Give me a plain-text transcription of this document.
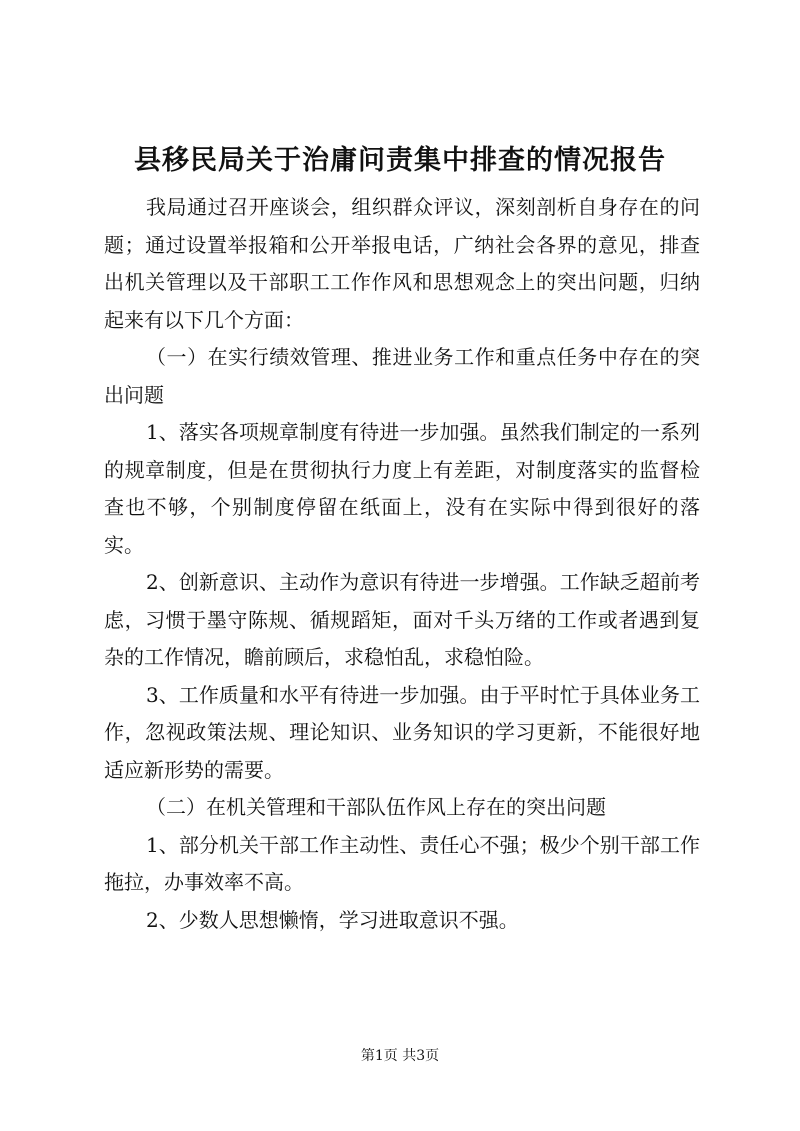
县移民局关于治庸问责集中排查的情况报告

我局通过召开座谈会，组织群众评议，深刻剖析自身存在的问题；通过设置举报箱和公开举报电话，广纳社会各界的意见，排查出机关管理以及干部职工工作作风和思想观念上的突出问题，归纳起来有以下几个方面：

（一）在实行绩效管理、推进业务工作和重点任务中存在的突出问题

1、落实各项规章制度有待进一步加强。虽然我们制定的一系列的规章制度，但是在贯彻执行力度上有差距，对制度落实的监督检查也不够，个别制度停留在纸面上，没有在实际中得到很好的落实。

2、创新意识、主动作为意识有待进一步增强。工作缺乏超前考虑，习惯于墨守陈规、循规蹈矩，面对千头万绪的工作或者遇到复杂的工作情况，瞻前顾后，求稳怕乱，求稳怕险。

3、工作质量和水平有待进一步加强。由于平时忙于具体业务工作，忽视政策法规、理论知识、业务知识的学习更新，不能很好地适应新形势的需要。

（二）在机关管理和干部队伍作风上存在的突出问题

1、部分机关干部工作主动性、责任心不强；极少个别干部工作拖拉，办事效率不高。

2、少数人思想懒惰，学习进取意识不强。

第1页 共3页
